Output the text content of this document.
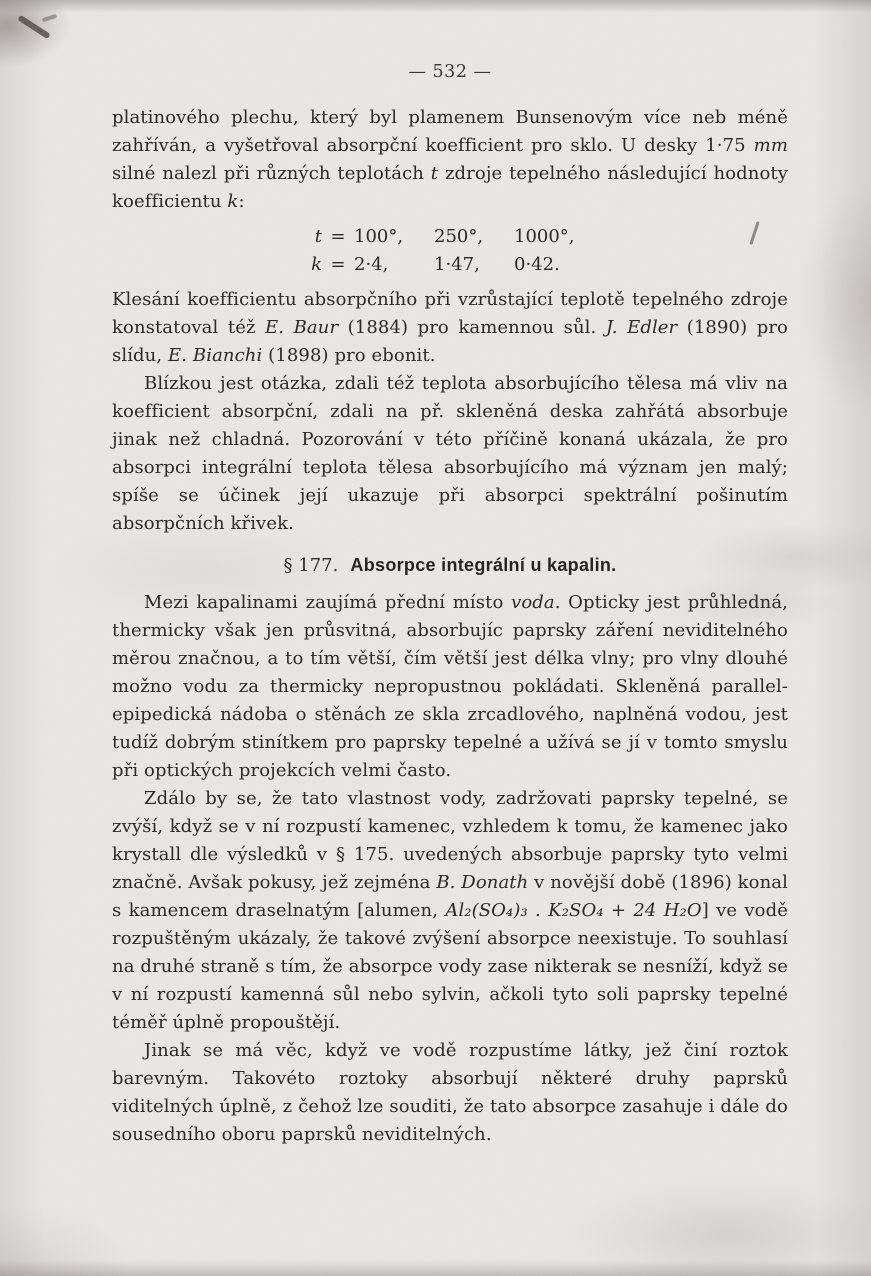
— 532 —

platinového plechu, který byl plamenem Bunsenovým více neb méně zahříván, a vyšetřoval absorpční koefficient pro sklo. U desky 1·75 mm silné nalezl při různých teplotách t zdroje tepelného následující hodnoty koefficientu k:

t = 100°,	250°,	1000°,
k = 2·4,	1·47,	0·42.

Klesání koefficientu absorpčního při vzrůstající teplotě tepelného zdroje konstatoval též E. Baur (1884) pro kamennou sůl. J. Edler (1890) pro slídu, E. Bianchi (1898) pro ebonit.

Blízkou jest otázka, zdali též teplota absorbujícího tělesa má vliv na koefficient absorpční, zdali na př. skleněná deska zahřátá absorbuje jinak než chladná. Pozorování v této příčině konaná ukázala, že pro absorpci integrální teplota tělesa absorbujícího má význam jen malý; spíše se účinek její ukazuje při absorpci spektrální pošinutím absorpčních křivek.

§ 177. Absorpce integrální u kapalin.

Mezi kapalinami zaujímá přední místo voda. Opticky jest průhledná, thermicky však jen průsvitná, absorbujíc paprsky záření neviditelného měrou značnou, a to tím větší, čím větší jest délka vlny; pro vlny dlouhé možno vodu za thermicky nepropustnou pokládati. Skleněná parallel-epipedická nádoba o stěnách ze skla zrcadlového, naplněná vodou, jest tudíž dobrým stinítkem pro paprsky tepelné a užívá se jí v tomto smyslu při optických projekcích velmi často.

Zdálo by se, že tato vlastnost vody, zadržovati paprsky tepelné, se zvýší, když se v ní rozpustí kamenec, vzhledem k tomu, že kamenec jako krystall dle výsledků v § 175. uvedených absorbuje paprsky tyto velmi značně. Avšak pokusy, jež zejména B. Donath v novější době (1896) konal s kamencem draselnatým [alumen, Al₂(SO₄)₃ . K₂SO₄ + 24 H₂O] ve vodě rozpuštěným ukázaly, že takové zvýšení absorpce neexistuje. To souhlasí na druhé straně s tím, že absorpce vody zase nikterak se nesníží, když se v ní rozpustí kamenná sůl nebo sylvin, ačkoli tyto soli paprsky tepelné téměř úplně propouštějí.

Jinak se má věc, když ve vodě rozpustíme látky, jež činí roztok barevným. Takovéto roztoky absorbují některé druhy paprsků viditelných úplně, z čehož lze souditi, že tato absorpce zasahuje i dále do sousedního oboru paprsků neviditelných.
